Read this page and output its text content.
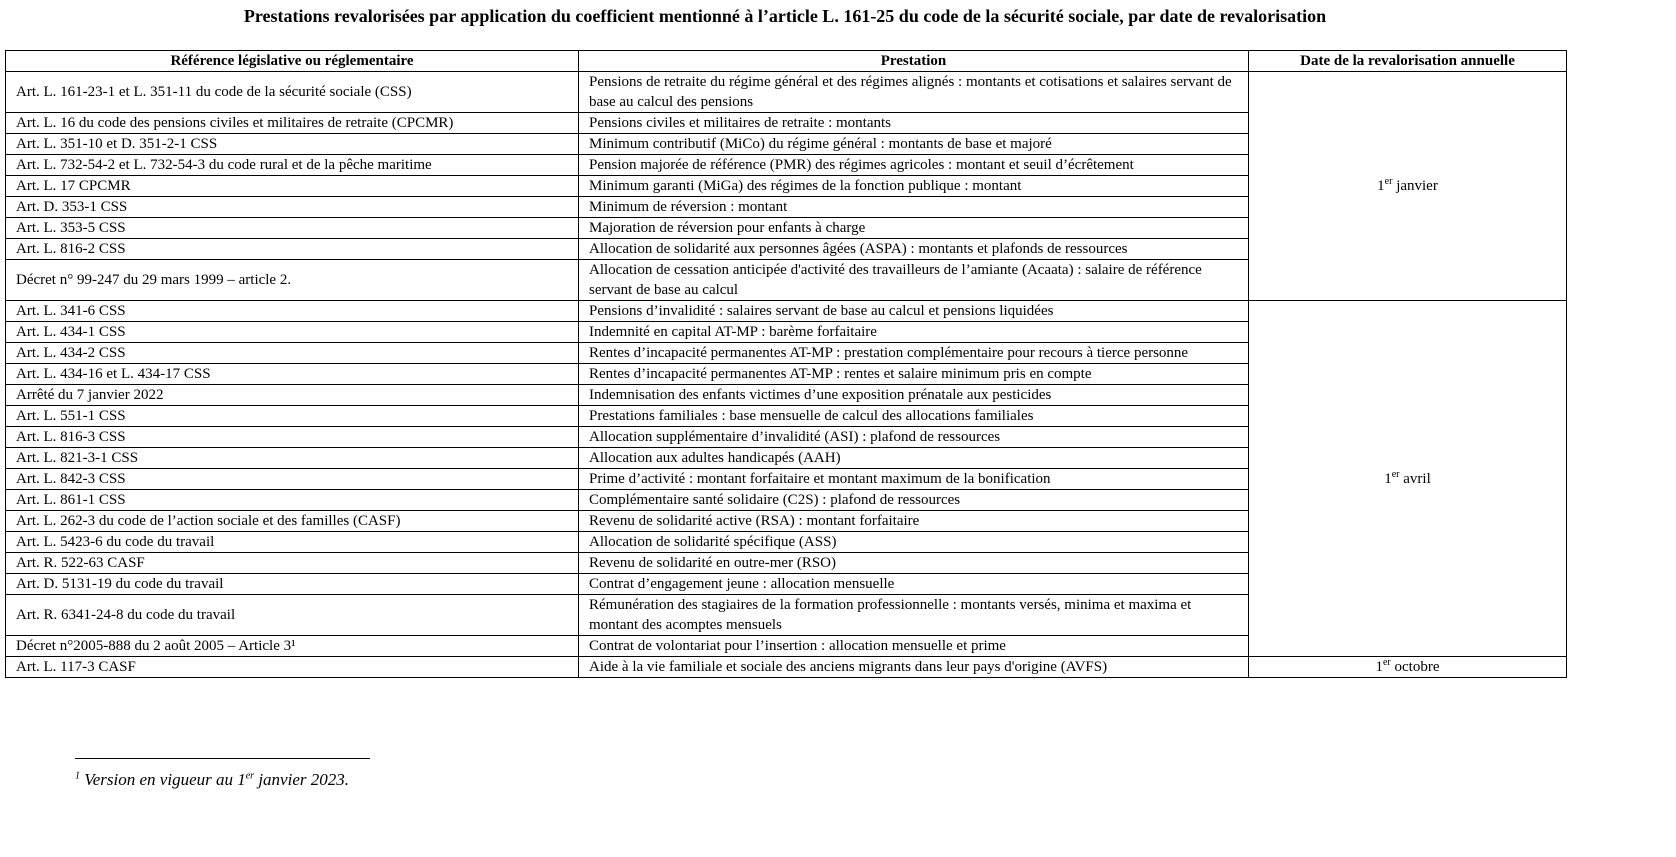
Prestations revalorisées par application du coefficient mentionné à l’article L. 161-25 du code de la sécurité sociale, par date de revalorisation
Référence législative ou réglementaire	Prestation	Date de la revalorisation annuelle
Art. L. 161-23-1 et L. 351-11 du code de la sécurité sociale (CSS)	Pensions de retraite du régime général et des régimes alignés : montants et cotisations et salaires servant de base au calcul des pensions	1er janvier
Art. L. 16 du code des pensions civiles et militaires de retraite (CPCMR)	Pensions civiles et militaires de retraite : montants	
Art. L. 351-10 et D. 351-2-1 CSS	Minimum contributif (MiCo) du régime général : montants de base et majoré	
Art. L. 732-54-2 et L. 732-54-3 du code rural et de la pêche maritime	Pension majorée de référence (PMR) des régimes agricoles : montant et seuil d’écrêtement	
Art. L. 17 CPCMR	Minimum garanti (MiGa) des régimes de la fonction publique : montant	
Art. D. 353-1 CSS	Minimum de réversion : montant	
Art. L. 353-5 CSS	Majoration de réversion pour enfants à charge	
Art. L. 816-2 CSS	Allocation de solidarité aux personnes âgées (ASPA) : montants et plafonds de ressources	
Décret n° 99-247 du 29 mars 1999 – article 2.	Allocation de cessation anticipée d'activité des travailleurs de l’amiante (Acaata) : salaire de référence servant de base au calcul	
Art. L. 341-6 CSS	Pensions d’invalidité : salaires servant de base au calcul et pensions liquidées	1er avril
Art. L. 434-1 CSS	Indemnité en capital AT-MP : barème forfaitaire	
Art. L. 434-2 CSS	Rentes d’incapacité permanentes AT-MP : prestation complémentaire pour recours à tierce personne	
Art. L. 434-16 et L. 434-17 CSS	Rentes d’incapacité permanentes AT-MP : rentes et salaire minimum pris en compte	
Arrêté du 7 janvier 2022	Indemnisation des enfants victimes d’une exposition prénatale aux pesticides	
Art. L. 551-1 CSS	Prestations familiales : base mensuelle de calcul des allocations familiales	
Art. L. 816-3 CSS	Allocation supplémentaire d’invalidité (ASI) : plafond de ressources	
Art. L. 821-3-1 CSS	Allocation aux adultes handicapés (AAH)	
Art. L. 842-3 CSS	Prime d’activité : montant forfaitaire et montant maximum de la bonification	
Art. L. 861-1 CSS	Complémentaire santé solidaire (C2S) : plafond de ressources	
Art. L. 262-3 du code de l’action sociale et des familles (CASF)	Revenu de solidarité active (RSA) : montant forfaitaire	
Art. L. 5423-6 du code du travail	Allocation de solidarité spécifique (ASS)	
Art. R. 522-63 CASF	Revenu de solidarité en outre-mer (RSO)	
Art. D. 5131-19 du code du travail	Contrat d’engagement jeune : allocation mensuelle	
Art. R. 6341-24-8 du code du travail	Rémunération des stagiaires de la formation professionnelle : montants versés, minima et maxima et montant des acomptes mensuels	
Décret n°2005-888 du 2 août 2005 – Article 3¹	Contrat de volontariat pour l’insertion : allocation mensuelle et prime	
Art. L. 117-3 CASF	Aide à la vie familiale et sociale des anciens migrants dans leur pays d'origine (AVFS)	1er octobre
$^1$ Version en vigueur au 1er janvier 2023.
